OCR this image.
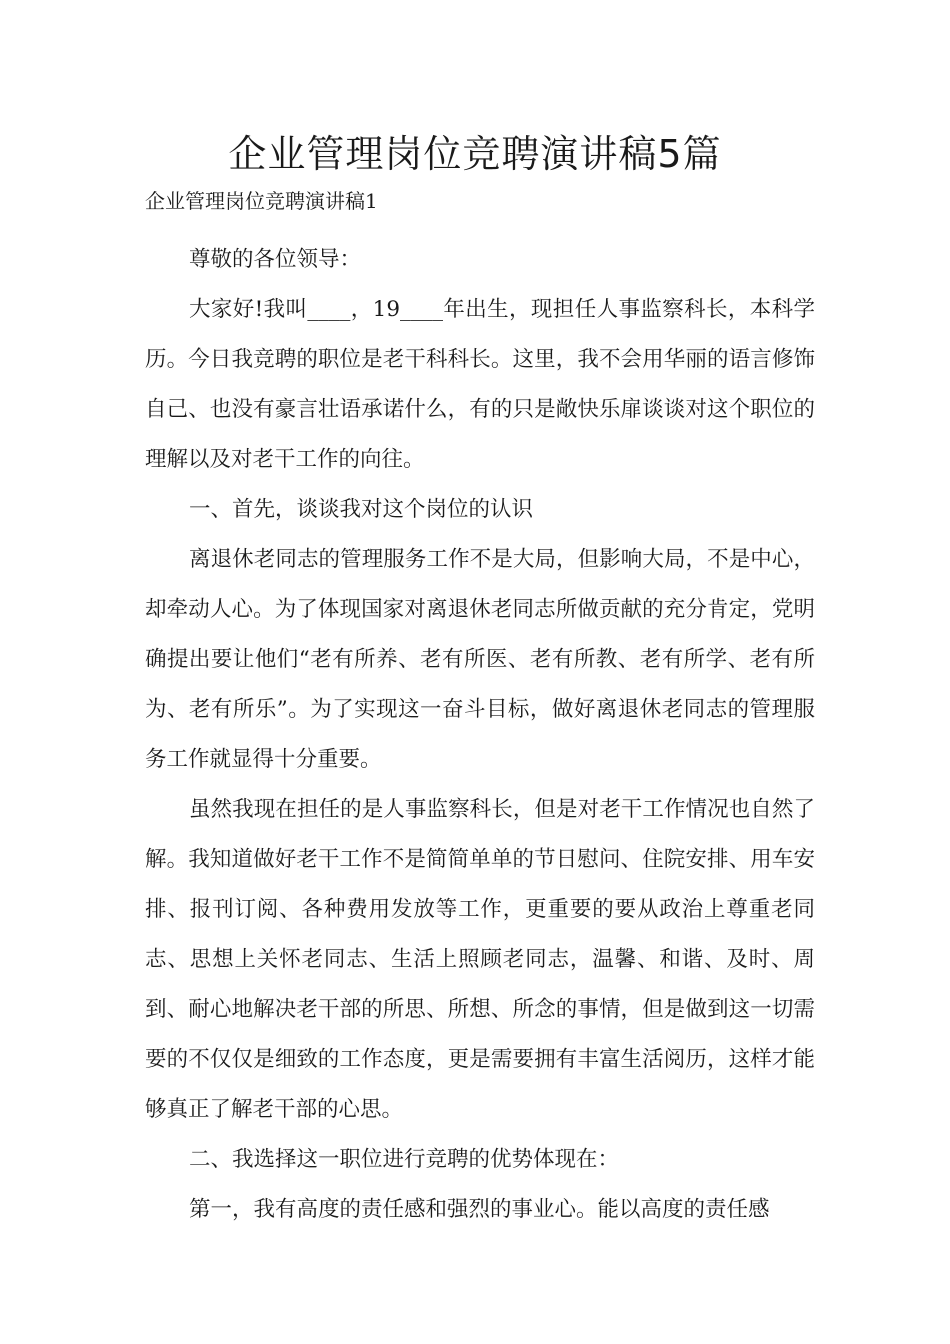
企业管理岗位竞聘演讲稿5篇
企业管理岗位竞聘演讲稿1

尊敬的各位领导：

大家好!我叫____，19____年出生，现担任人事监察科长，本科学历。今日我竞聘的职位是老干科科长。这里，我不会用华丽的语言修饰自己、也没有豪言壮语承诺什么，有的只是敞快乐扉谈谈对这个职位的理解以及对老干工作的向往。

一、首先，谈谈我对这个岗位的认识

离退休老同志的管理服务工作不是大局，但影响大局，不是中心，却牵动人心。为了体现国家对离退休老同志所做贡献的充分肯定，党明确提出要让他们“老有所养、老有所医、老有所教、老有所学、老有所为、老有所乐”。为了实现这一奋斗目标，做好离退休老同志的管理服务工作就显得十分重要。

虽然我现在担任的是人事监察科长，但是对老干工作情况也自然了解。我知道做好老干工作不是简简单单的节日慰问、住院安排、用车安排、报刊订阅、各种费用发放等工作，更重要的要从政治上尊重老同志、思想上关怀老同志、生活上照顾老同志，温馨、和谐、及时、周到、耐心地解决老干部的所思、所想、所念的事情，但是做到这一切需要的不仅仅是细致的工作态度，更是需要拥有丰富生活阅历，这样才能够真正了解老干部的心思。

二、我选择这一职位进行竞聘的优势体现在：

第一，我有高度的责任感和强烈的事业心。能以高度的责任感
